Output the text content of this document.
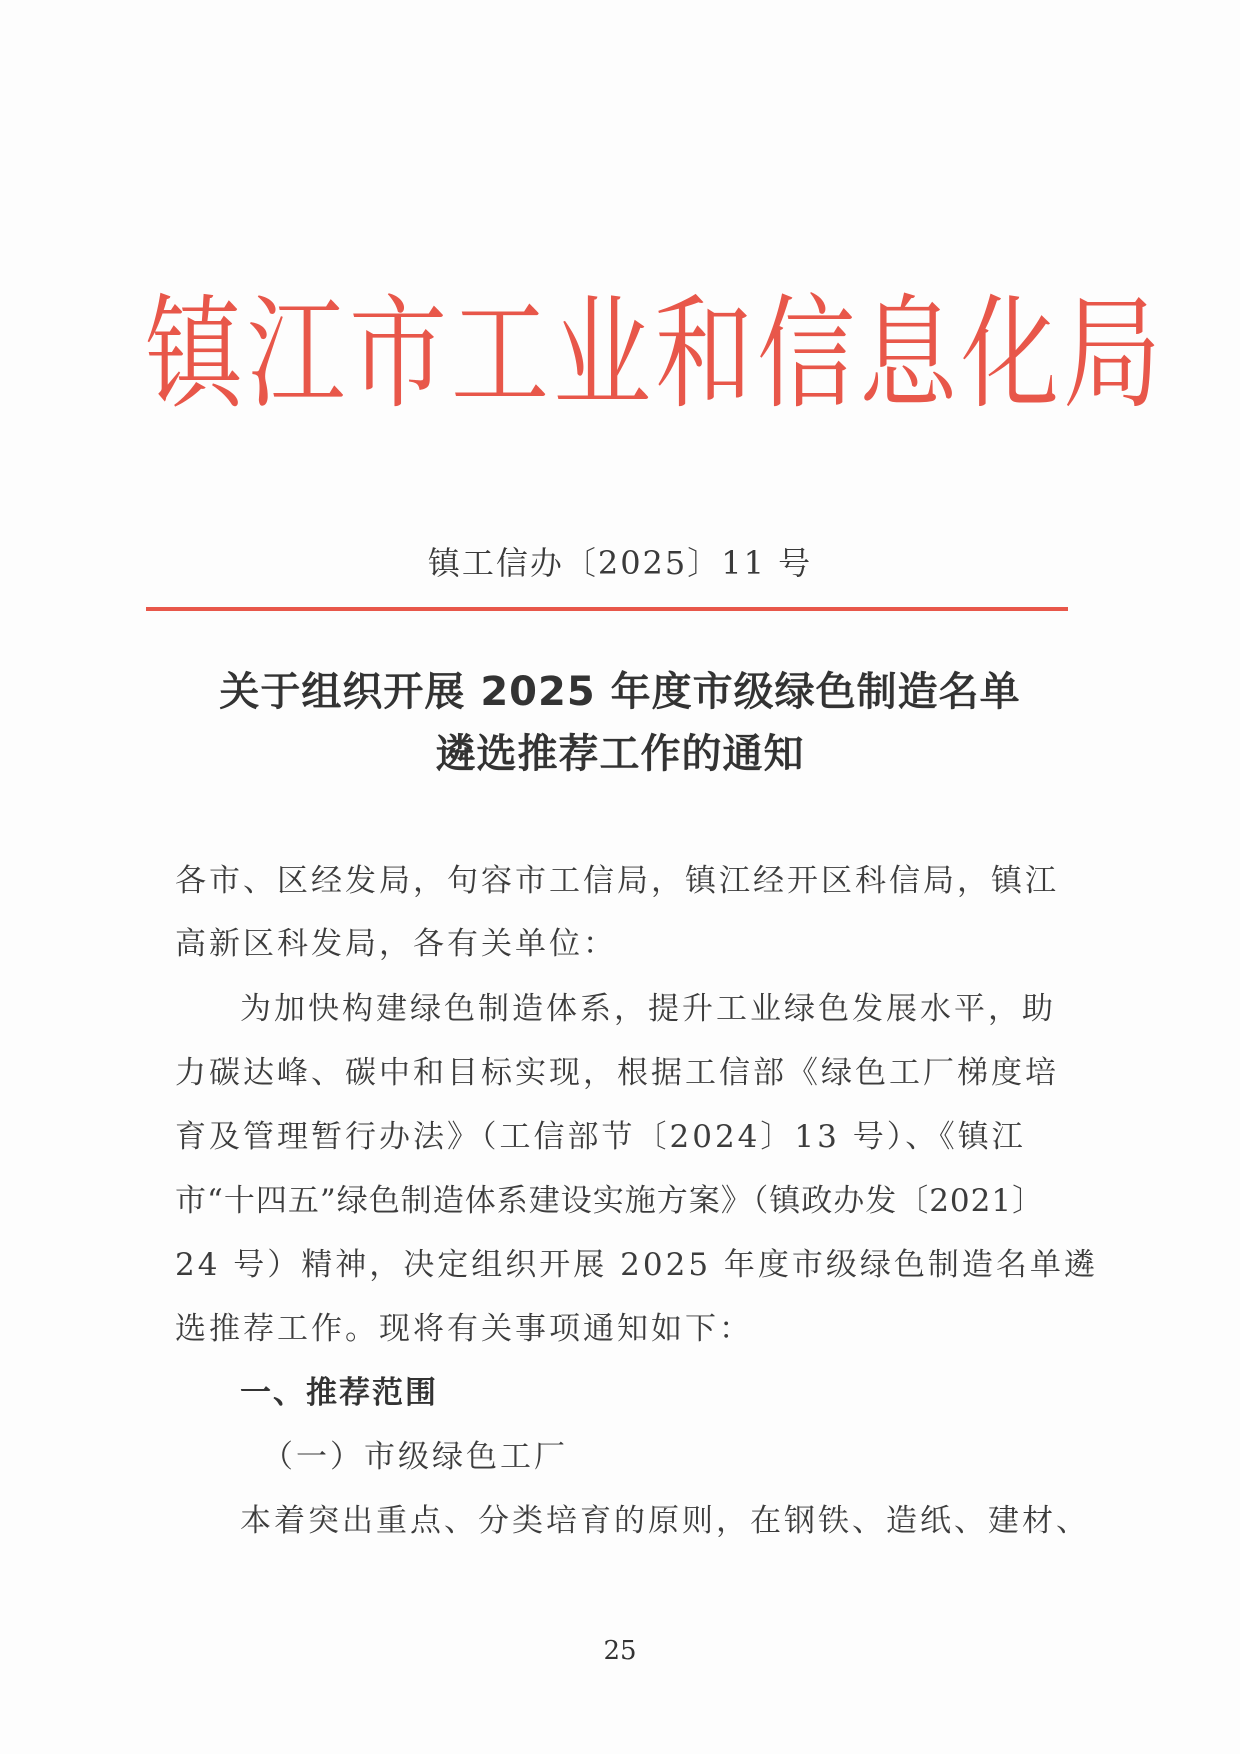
镇江市工业和信息化局
镇工信办〔2025〕11 号
关于组织开展 2025 年度市级绿色制造名单
遴选推荐工作的通知
各市、区经发局，句容市工信局，镇江经开区科信局，镇江
高新区科发局，各有关单位：
为加快构建绿色制造体系，提升工业绿色发展水平，助
力碳达峰、碳中和目标实现，根据工信部《绿色工厂梯度培
育及管理暂行办法》（工信部节〔2024〕13 号）、《镇江
市“十四五”绿色制造体系建设实施方案》（镇政办发〔2021〕
24 号）精神，决定组织开展 2025 年度市级绿色制造名单遴
选推荐工作。现将有关事项通知如下：
一、推荐范围
（一）市级绿色工厂
本着突出重点、分类培育的原则，在钢铁、造纸、建材、
25
